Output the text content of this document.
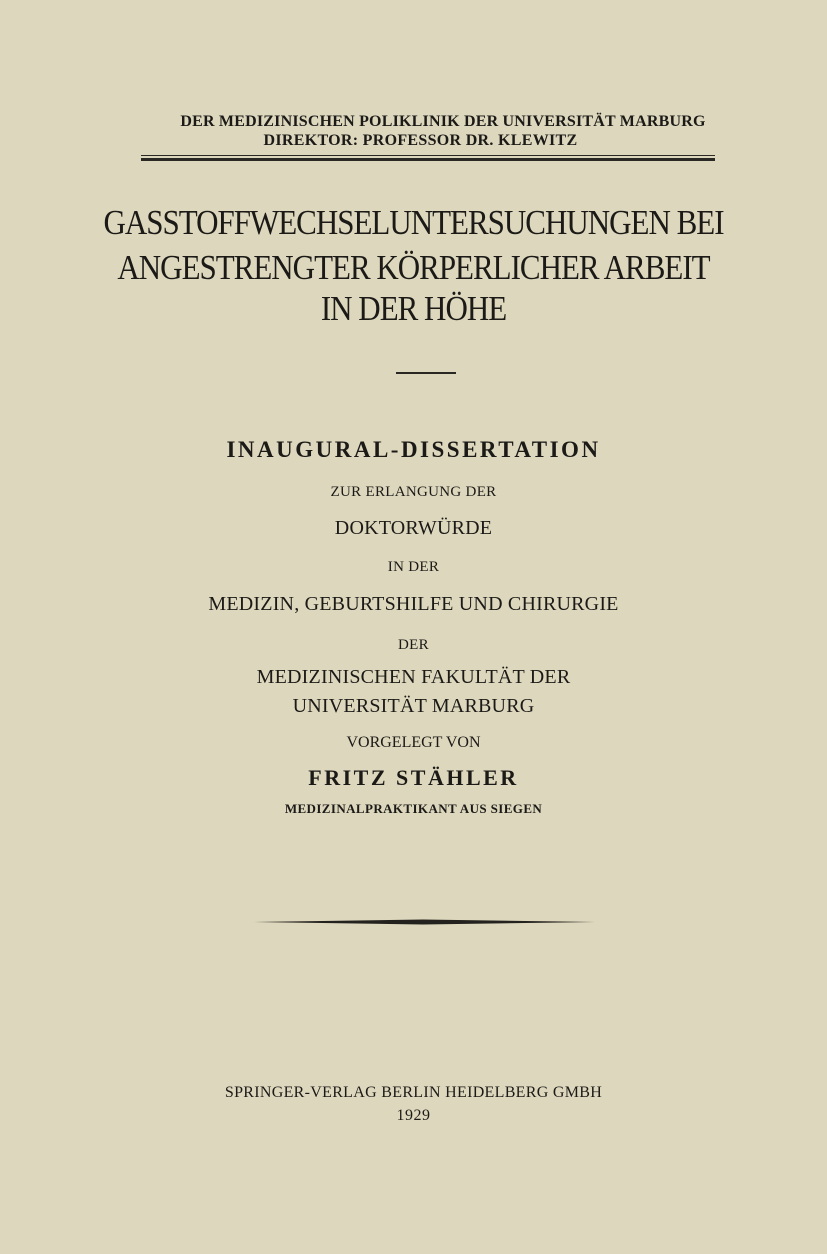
DER MEDIZINISCHEN POLIKLINIK DER UNIVERSITÄT MARBURG
DIREKTOR: PROFESSOR DR. KLEWITZ
GASSTOFFWECHSELUNTERSUCHUNGEN BEI
ANGESTRENGTER KÖRPERLICHER ARBEIT
IN DER HÖHE
INAUGURAL-DISSERTATION
ZUR ERLANGUNG DER
DOKTORWÜRDE
IN DER
MEDIZIN, GEBURTSHILFE UND CHIRURGIE
DER
MEDIZINISCHEN FAKULTÄT DER
UNIVERSITÄT MARBURG
VORGELEGT VON
FRITZ STÄHLER
MEDIZINALPRAKTIKANT AUS SIEGEN
SPRINGER-VERLAG BERLIN HEIDELBERG GMBH
1929
